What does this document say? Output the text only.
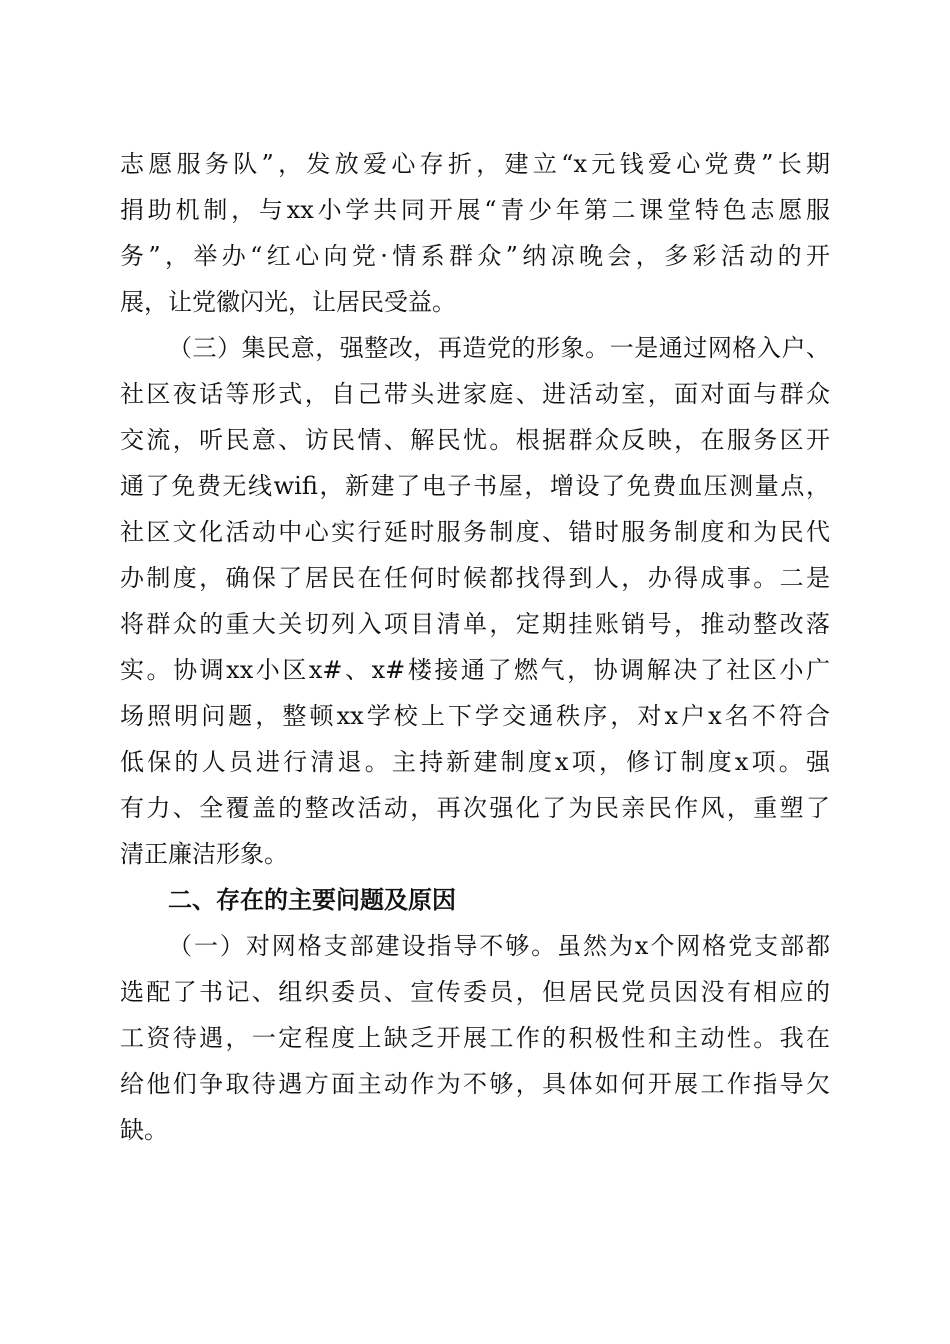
志愿服务队”，发放爱心存折，建立“x元钱爱心党费”长期
捐助机制，与xx小学共同开展“青少年第二课堂特色志愿服
务”，举办“红心向党·情系群众”纳凉晚会，多彩活动的开
展，让党徽闪光，让居民受益。
（三）集民意，强整改，再造党的形象。一是通过网格入户、
社区夜话等形式，自己带头进家庭、进活动室，面对面与群众
交流，听民意、访民情、解民忧。根据群众反映，在服务区开
通了免费无线wifi，新建了电子书屋，增设了免费血压测量点，
社区文化活动中心实行延时服务制度、错时服务制度和为民代
办制度，确保了居民在任何时候都找得到人，办得成事。二是
将群众的重大关切列入项目清单，定期挂账销号，推动整改落
实。协调xx小区x#、x#楼接通了燃气，协调解决了社区小广
场照明问题，整顿xx学校上下学交通秩序，对x户x名不符合
低保的人员进行清退。主持新建制度x项，修订制度x项。强
有力、全覆盖的整改活动，再次强化了为民亲民作风，重塑了
清正廉洁形象。
二、存在的主要问题及原因
（一）对网格支部建设指导不够。虽然为x个网格党支部都
选配了书记、组织委员、宣传委员，但居民党员因没有相应的
工资待遇，一定程度上缺乏开展工作的积极性和主动性。我在
给他们争取待遇方面主动作为不够，具体如何开展工作指导欠
缺。
